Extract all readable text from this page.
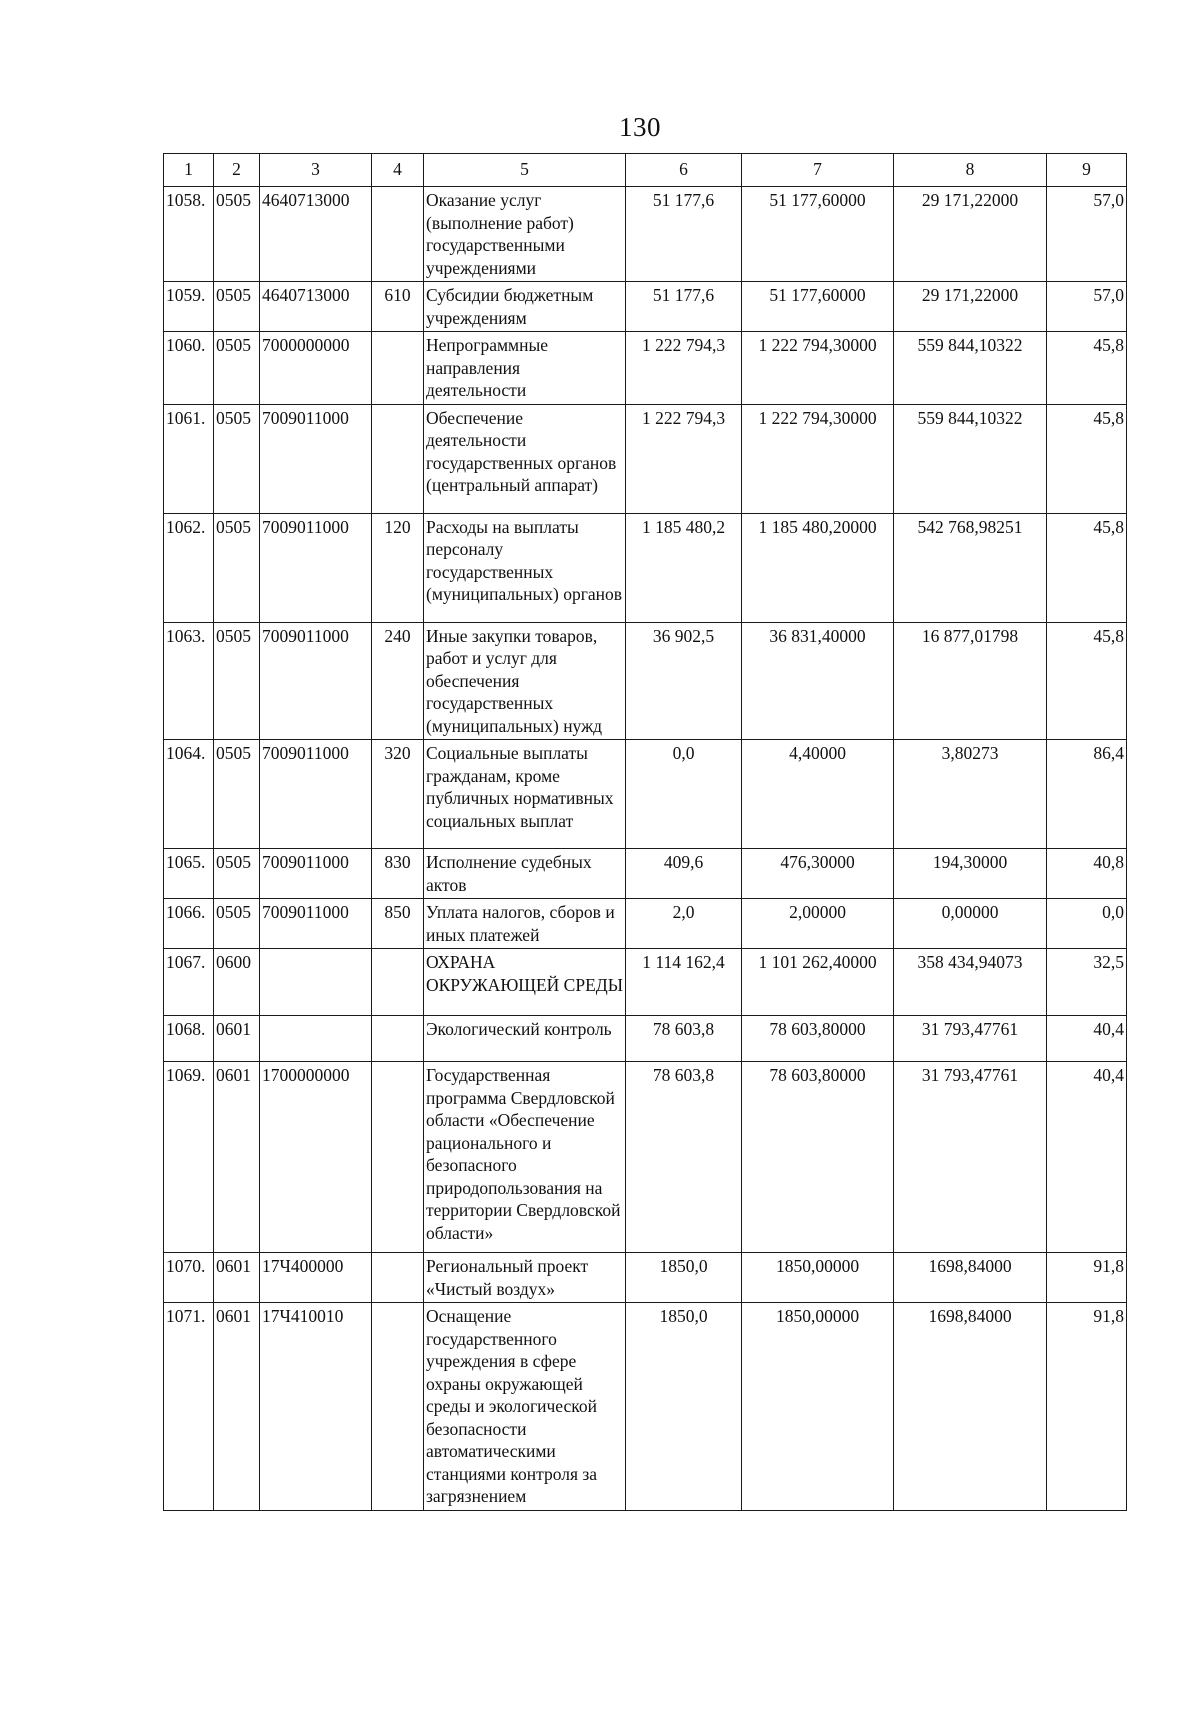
130
1	2	3	4	5	6	7	8	9
1058.	0505	4640713000		Оказание услуг (выполнение работ) государственными учреждениями	51 177,6	51 177,60000	29 171,22000	57,0
1059.	0505	4640713000	610	Субсидии бюджетным учреждениям	51 177,6	51 177,60000	29 171,22000	57,0
1060.	0505	7000000000		Непрограммные направления деятельности	1 222 794,3	1 222 794,30000	559 844,10322	45,8
1061.	0505	7009011000		Обеспечение деятельности государственных органов (центральный аппарат)	1 222 794,3	1 222 794,30000	559 844,10322	45,8
1062.	0505	7009011000	120	Расходы на выплаты персоналу государственных (муниципальных) органов	1 185 480,2	1 185 480,20000	542 768,98251	45,8
1063.	0505	7009011000	240	Иные закупки товаров, работ и услуг для обеспечения государственных (муниципальных) нужд	36 902,5	36 831,40000	16 877,01798	45,8
1064.	0505	7009011000	320	Социальные выплаты гражданам, кроме публичных нормативных социальных выплат	0,0	4,40000	3,80273	86,4
1065.	0505	7009011000	830	Исполнение судебных актов	409,6	476,30000	194,30000	40,8
1066.	0505	7009011000	850	Уплата налогов, сборов и иных платежей	2,0	2,00000	0,00000	0,0
1067.	0600			ОХРАНА ОКРУЖАЮЩЕЙ СРЕДЫ	1 114 162,4	1 101 262,40000	358 434,94073	32,5
1068.	0601			Экологический контроль	78 603,8	78 603,80000	31 793,47761	40,4
1069.	0601	1700000000		Государственная программа Свердловской области «Обеспечение рационального и безопасного природопользования на территории Свердловской области»	78 603,8	78 603,80000	31 793,47761	40,4
1070.	0601	17Ч400000		Региональный проект «Чистый воздух»	1850,0	1850,00000	1698,84000	91,8
1071.	0601	17Ч410010		Оснащение государственного учреждения в сфере охраны окружающей среды и экологической безопасности автоматическими станциями контроля за загрязнением	1850,0	1850,00000	1698,84000	91,8
